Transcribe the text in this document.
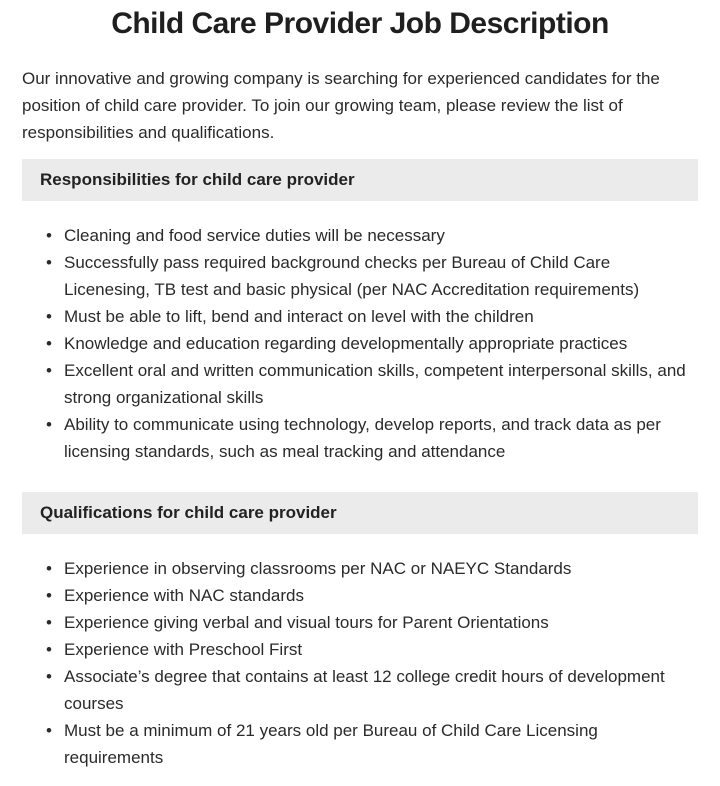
Child Care Provider Job Description

Our innovative and growing company is searching for experienced candidates for the position of child care provider. To join our growing team, please review the list of responsibilities and qualifications.

Responsibilities for child care provider
• Cleaning and food service duties will be necessary
• Successfully pass required background checks per Bureau of Child Care Licenesing, TB test and basic physical (per NAC Accreditation requirements)
• Must be able to lift, bend and interact on level with the children
• Knowledge and education regarding developmentally appropriate practices
• Excellent oral and written communication skills, competent interpersonal skills, and strong organizational skills
• Ability to communicate using technology, develop reports, and track data as per licensing standards, such as meal tracking and attendance
Qualifications for child care provider
• Experience in observing classrooms per NAC or NAEYC Standards
• Experience with NAC standards
• Experience giving verbal and visual tours for Parent Orientations
• Experience with Preschool First
• Associate’s degree that contains at least 12 college credit hours of development courses
• Must be a minimum of 21 years old per Bureau of Child Care Licensing requirements
